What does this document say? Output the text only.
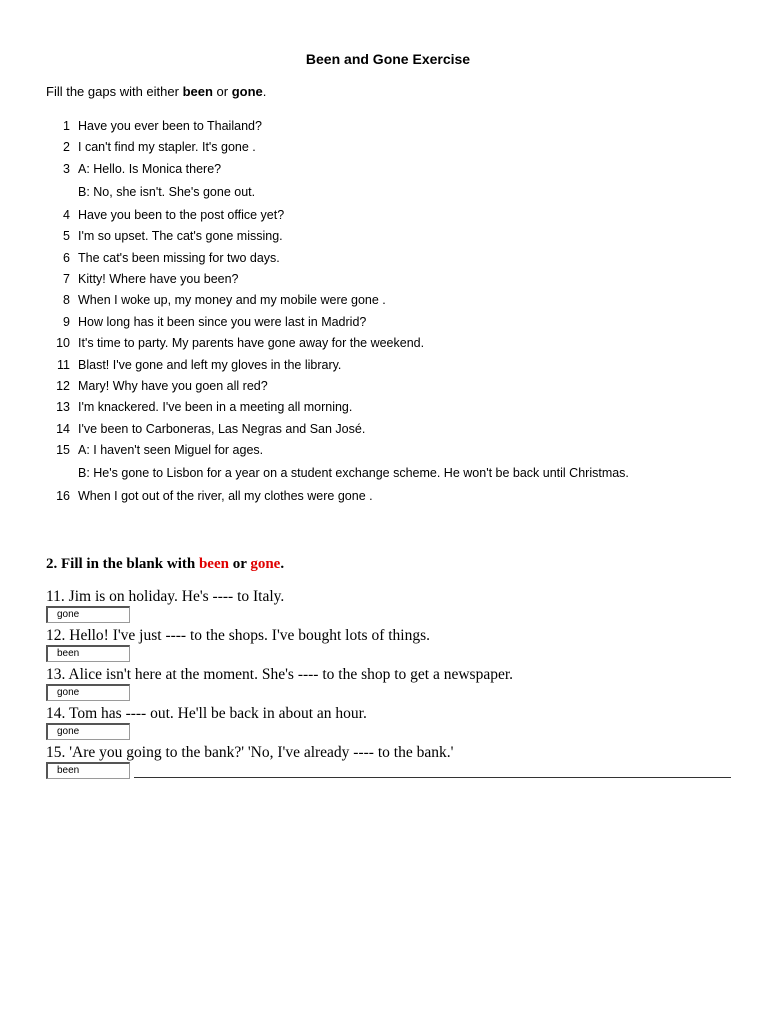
Been and Gone Exercise
Fill the gaps with either been or gone.
1 Have you ever been to Thailand?
2 I can't find my stapler. It's gone .
3 A: Hello. Is Monica there?
B: No, she isn't. She's gone out.
4 Have you been to the post office yet?
5 I'm so upset. The cat's gone missing.
6 The cat's been missing for two days.
7 Kitty! Where have you been?
8 When I woke up, my money and my mobile were gone .
9 How long has it been since you were last in Madrid?
10 It's time to party. My parents have gone away for the weekend.
11 Blast! I've gone and left my gloves in the library.
12 Mary! Why have you goen all red?
13 I'm knackered. I've been in a meeting all morning.
14 I've been to Carboneras, Las Negras and San José.
15 A: I haven't seen Miguel for ages.
B: He's gone to Lisbon for a year on a student exchange scheme. He won't be back until Christmas.
16 When I got out of the river, all my clothes were gone .
2. Fill in the blank with been or gone.
11. Jim is on holiday. He's ---- to Italy.
gone
12. Hello! I've just ---- to the shops. I've bought lots of things.
been
13. Alice isn't here at the moment. She's ---- to the shop to get a newspaper.
gone
14. Tom has ---- out. He'll be back in about an hour.
gone
15. 'Are you going to the bank?' 'No, I've already ---- to the bank.'
been
